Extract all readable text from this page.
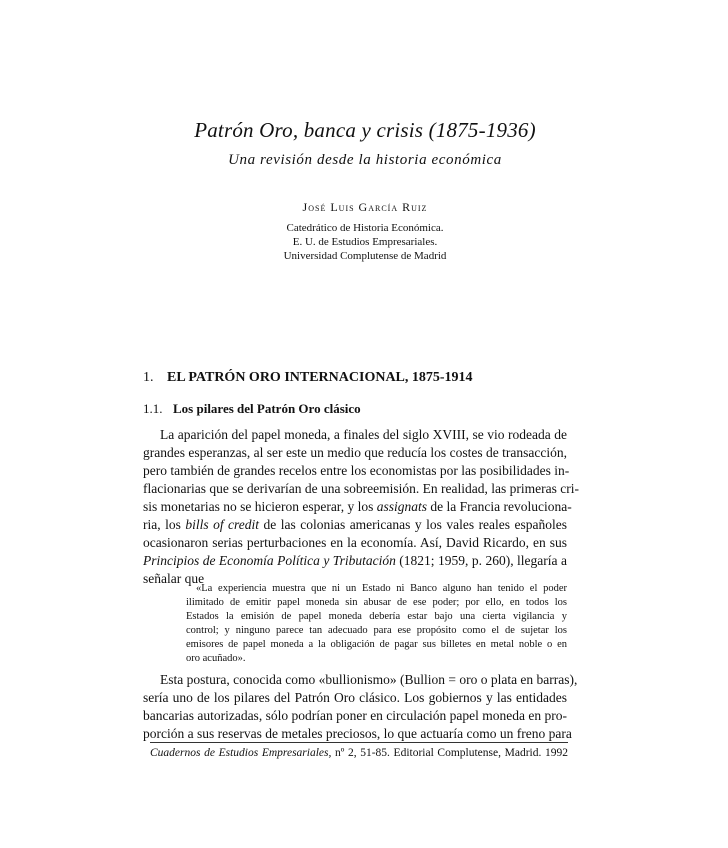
Patrón Oro, banca y crisis (1875-1936)
Una revisión desde la historia económica
José Luis García Ruiz
Catedrático de Historia Económica.
E. U. de Estudios Empresariales.
Universidad Complutense de Madrid
1. EL PATRÓN ORO INTERNACIONAL, 1875-1914
1.1. Los pilares del Patrón Oro clásico
La aparición del papel moneda, a finales del siglo XVIII, se vio rodeada de
grandes esperanzas, al ser este un medio que reducía los costes de transacción,
pero también de grandes recelos entre los economistas por las posibilidades in-
flacionarias que se derivarían de una sobreemisión. En realidad, las primeras cri-
sis monetarias no se hicieron esperar, y los assignats de la Francia revoluciona-
ria, los bills of credit de las colonias americanas y los vales reales españoles
ocasionaron serias perturbaciones en la economía. Así, David Ricardo, en sus
Principios de Economía Política y Tributación (1821; 1959, p. 260), llegaría a
señalar que
«La experiencia muestra que ni un Estado ni Banco alguno han tenido el poder
ilimitado de emitir papel moneda sin abusar de ese poder; por ello, en todos los
Estados la emisión de papel moneda debería estar bajo una cierta vigilancia y
control; y ninguno parece tan adecuado para ese propósito como el de sujetar los
emisores de papel moneda a la obligación de pagar sus billetes en metal noble o en
oro acuñado».
Esta postura, conocida como «bullionismo» (Bullion = oro o plata en barras),
sería uno de los pilares del Patrón Oro clásico. Los gobiernos y las entidades
bancarias autorizadas, sólo podrían poner en circulación papel moneda en pro-
porción a sus reservas de metales preciosos, lo que actuaría como un freno para
Cuadernos de Estudios Empresariales, nº 2, 51-85. Editorial Complutense, Madrid. 1992
